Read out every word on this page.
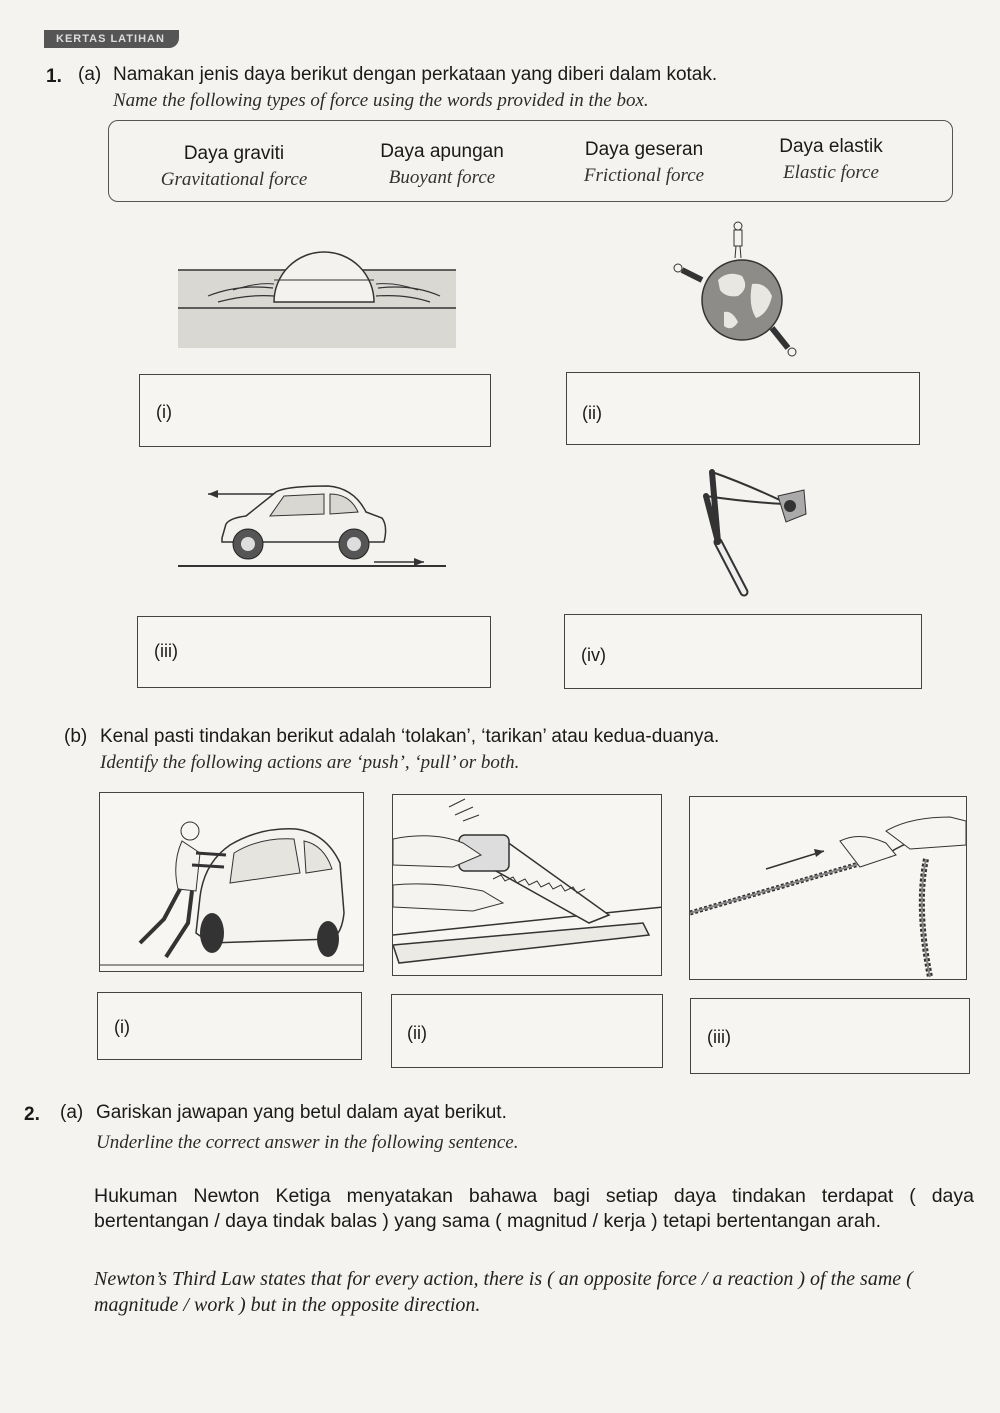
KERTAS LATIHAN
1. (a) Namakan jenis daya berikut dengan perkataan yang diberi dalam kotak.
Name the following types of force using the words provided in the box.
Daya graviti
Gravitational force
Daya apungan
Buoyant force
Daya geseran
Frictional force
Daya elastik
Elastic force
(i)	(ii)
(iii)	(iv)
(b) Kenal pasti tindakan berikut adalah ‘tolakan’, ‘tarikan’ atau kedua-duanya.
Identify the following actions are ‘push’, ‘pull’ or both.
(i)	(ii)	(iii)
2. (a) Gariskan jawapan yang betul dalam ayat berikut.
Underline the correct answer in the following sentence.
Hukuman Newton Ketiga menyatakan bahawa bagi setiap daya tindakan terdapat ( daya bertentangan / daya tindak balas ) yang sama ( magnitud / kerja ) tetapi bertentangan arah.
Newton’s Third Law states that for every action, there is ( an opposite force / a reaction ) of the same ( magnitude / work ) but in the opposite direction.
